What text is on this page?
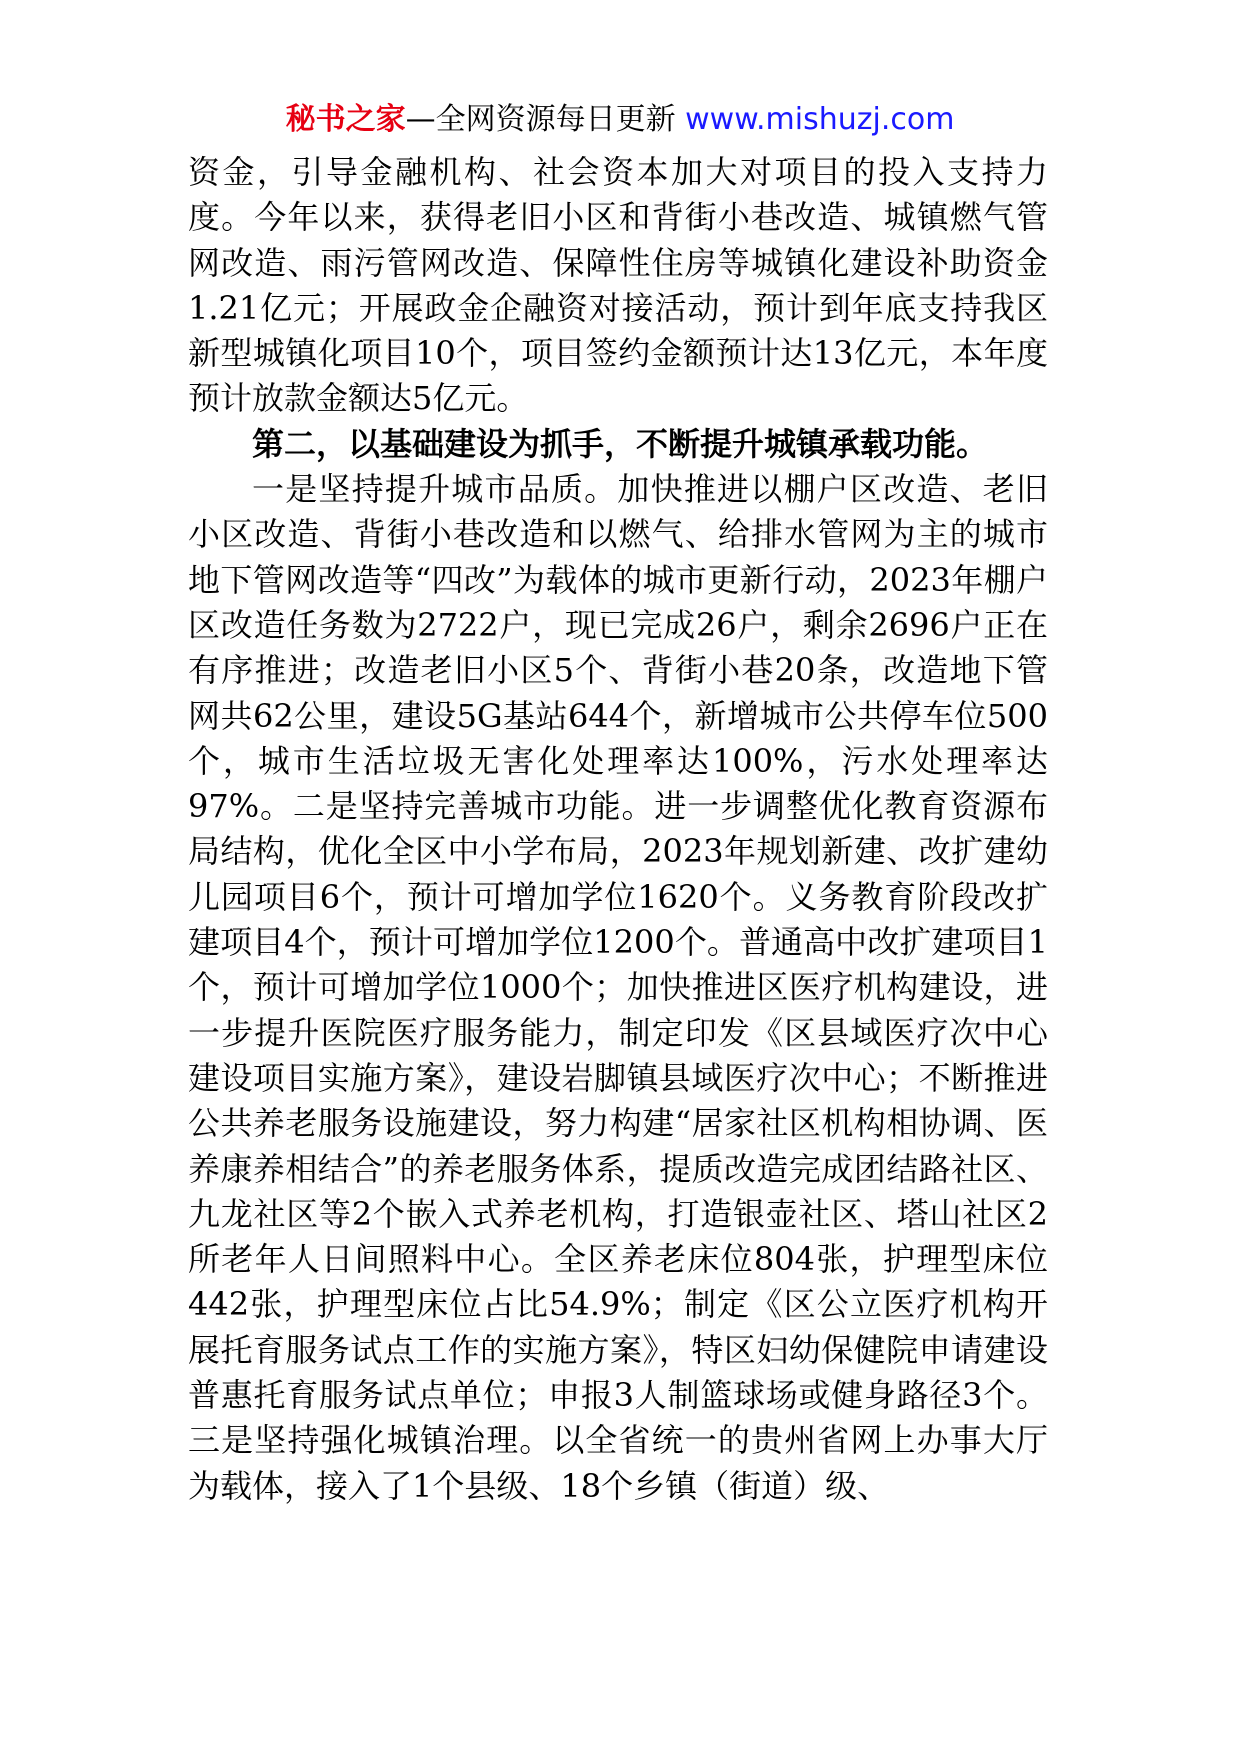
秘书之家—全网资源每日更新 www.mishuzj.com

资金，引导金融机构、社会资本加大对项目的投入支持力度。今年以来，获得老旧小区和背街小巷改造、城镇燃气管网改造、雨污管网改造、保障性住房等城镇化建设补助资金1.21亿元；开展政金企融资对接活动，预计到年底支持我区新型城镇化项目10个，项目签约金额预计达13亿元，本年度预计放款金额达5亿元。

第二，以基础建设为抓手，不断提升城镇承载功能。

一是坚持提升城市品质。加快推进以棚户区改造、老旧小区改造、背街小巷改造和以燃气、给排水管网为主的城市地下管网改造等“四改”为载体的城市更新行动，2023年棚户区改造任务数为2722户，现已完成26户，剩余2696户正在有序推进；改造老旧小区5个、背街小巷20条，改造地下管网共62公里，建设5G基站644个，新增城市公共停车位500个，城市生活垃圾无害化处理率达100%，污水处理率达97%。二是坚持完善城市功能。进一步调整优化教育资源布局结构，优化全区中小学布局，2023年规划新建、改扩建幼儿园项目6个，预计可增加学位1620个。义务教育阶段改扩建项目4个，预计可增加学位1200个。普通高中改扩建项目1个，预计可增加学位1000个；加快推进区医疗机构建设，进一步提升医院医疗服务能力，制定印发《区县域医疗次中心建设项目实施方案》，建设岩脚镇县域医疗次中心；不断推进公共养老服务设施建设，努力构建“居家社区机构相协调、医养康养相结合”的养老服务体系，提质改造完成团结路社区、九龙社区等2个嵌入式养老机构，打造银壶社区、塔山社区2所老年人日间照料中心。全区养老床位804张，护理型床位442张，护理型床位占比54.9%；制定《区公立医疗机构开展托育服务试点工作的实施方案》，特区妇幼保健院申请建设普惠托育服务试点单位；申报3人制篮球场或健身路径3个。三是坚持强化城镇治理。以全省统一的贵州省网上办事大厅为载体，接入了1个县级、18个乡镇（街道）级、
